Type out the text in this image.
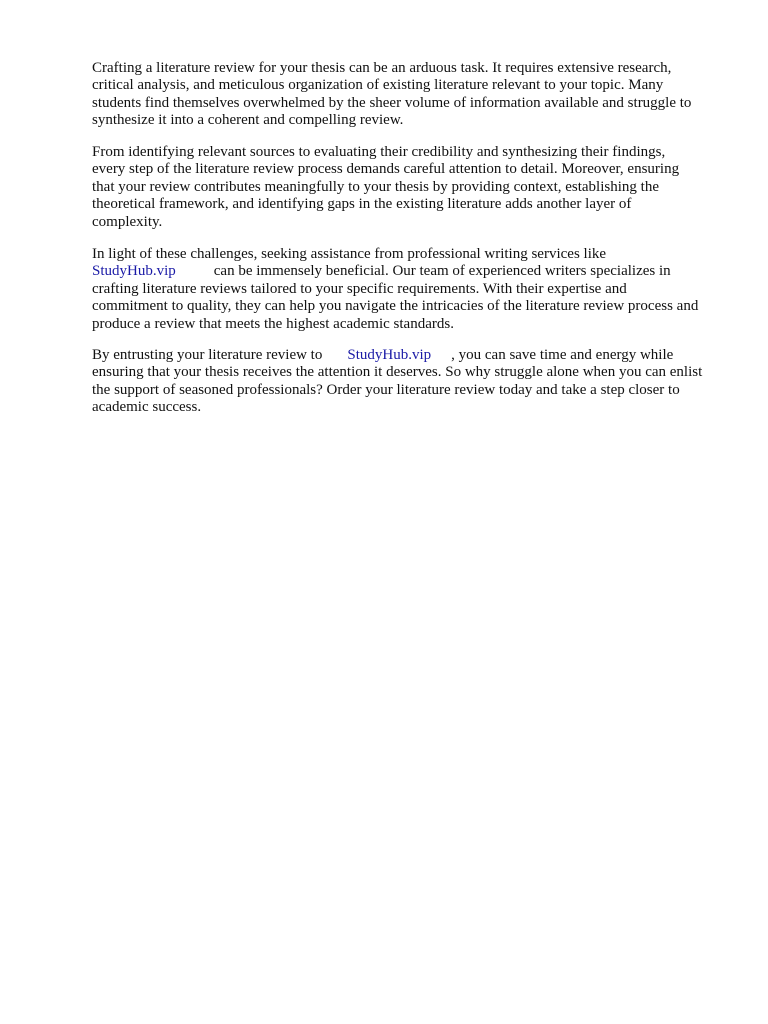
Crafting a literature review for your thesis can be an arduous task. It requires extensive research,
critical analysis, and meticulous organization of existing literature relevant to your topic. Many
students find themselves overwhelmed by the sheer volume of information available and struggle to
synthesize it into a coherent and compelling review.
From identifying relevant sources to evaluating their credibility and synthesizing their findings,
every step of the literature review process demands careful attention to detail. Moreover, ensuring
that your review contributes meaningfully to your thesis by providing context, establishing the
theoretical framework, and identifying gaps in the existing literature adds another layer of
complexity.
In light of these challenges, seeking assistance from professional writing services like
StudyHub.vip	can be immensely beneficial. Our team of experienced writers specializes in
crafting literature reviews tailored to your specific requirements. With their expertise and
commitment to quality, they can help you navigate the intricacies of the literature review process and
produce a review that meets the highest academic standards.
By entrusting your literature review to StudyHub.vip , you can save time and energy while
ensuring that your thesis receives the attention it deserves. So why struggle alone when you can enlist
the support of seasoned professionals? Order your literature review today and take a step closer to
academic success.
